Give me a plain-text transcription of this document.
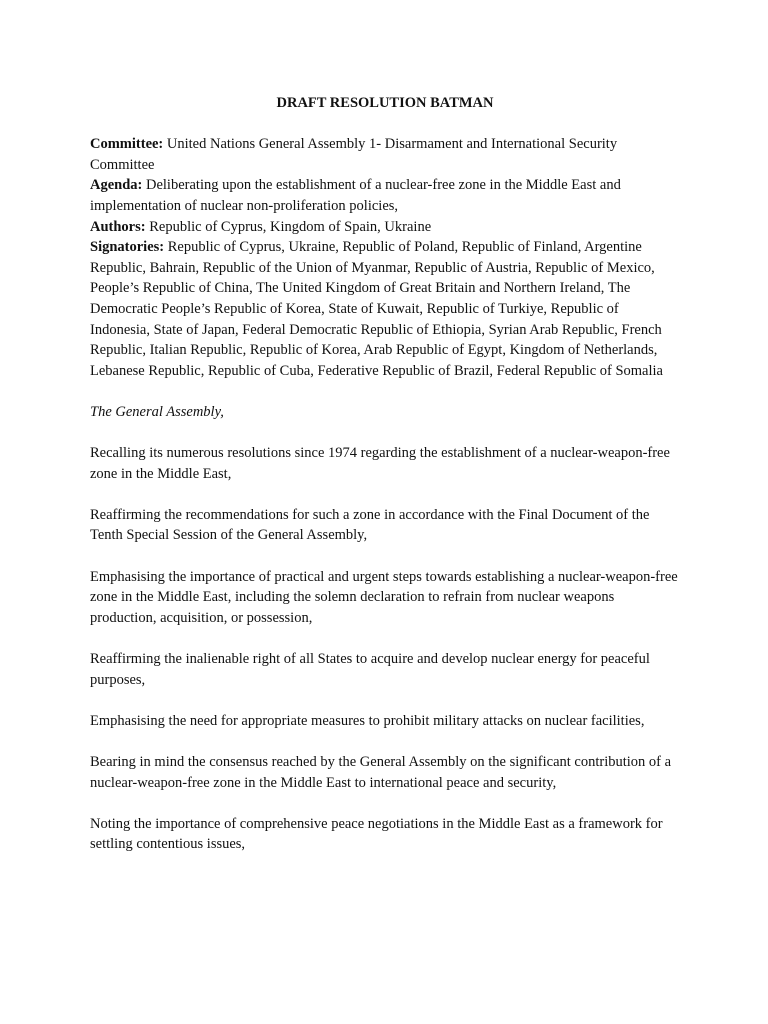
DRAFT RESOLUTION BATMAN

Committee: United Nations General Assembly 1- Disarmament and International Security Committee

Agenda: Deliberating upon the establishment of a nuclear-free zone in the Middle East and implementation of nuclear non-proliferation policies,

Authors: Republic of Cyprus, Kingdom of Spain, Ukraine

Signatories: Republic of Cyprus, Ukraine, Republic of Poland, Republic of Finland, Argentine Republic, Bahrain, Republic of the Union of Myanmar, Republic of Austria, Republic of Mexico, People’s Republic of China, The United Kingdom of Great Britain and Northern Ireland, The Democratic People’s Republic of Korea, State of Kuwait, Republic of Turkiye, Republic of Indonesia, State of Japan, Federal Democratic Republic of Ethiopia, Syrian Arab Republic, French Republic, Italian Republic, Republic of Korea, Arab Republic of Egypt, Kingdom of Netherlands, Lebanese Republic, Republic of Cuba, Federative Republic of Brazil, Federal Republic of Somalia

The General Assembly,

Recalling its numerous resolutions since 1974 regarding the establishment of a nuclear-weapon-free zone in the Middle East,

Reaffirming the recommendations for such a zone in accordance with the Final Document of the Tenth Special Session of the General Assembly,

Emphasising the importance of practical and urgent steps towards establishing a nuclear-weapon-free zone in the Middle East, including the solemn declaration to refrain from nuclear weapons production, acquisition, or possession,

Reaffirming the inalienable right of all States to acquire and develop nuclear energy for peaceful purposes,

Emphasising the need for appropriate measures to prohibit military attacks on nuclear facilities,

Bearing in mind the consensus reached by the General Assembly on the significant contribution of a nuclear-weapon-free zone in the Middle East to international peace and security,

Noting the importance of comprehensive peace negotiations in the Middle East as a framework for settling contentious issues,
